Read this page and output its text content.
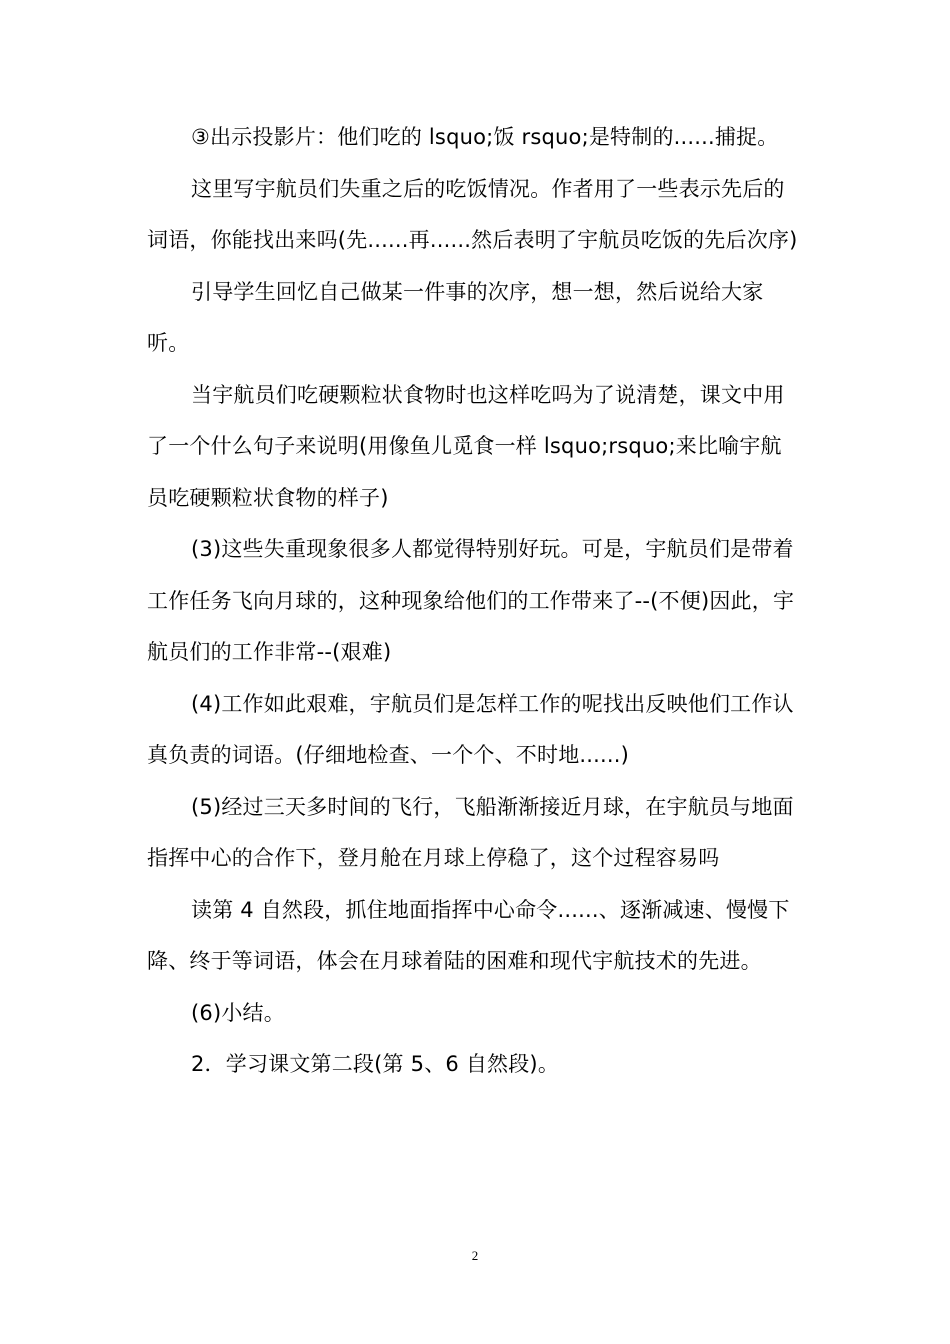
③出示投影片：他们吃的 lsquo;饭 rsquo;是特制的......捕捉。

这里写宇航员们失重之后的吃饭情况。作者用了一些表示先后的词语，你能找出来吗(先......再......然后表明了宇航员吃饭的先后次序)

引导学生回忆自己做某一件事的次序，想一想，然后说给大家听。

当宇航员们吃硬颗粒状食物时也这样吃吗为了说清楚，课文中用了一个什么句子来说明(用像鱼儿觅食一样 lsquo;rsquo;来比喻宇航员吃硬颗粒状食物的样子)

(3)这些失重现象很多人都觉得特别好玩。可是，宇航员们是带着工作任务飞向月球的，这种现象给他们的工作带来了--(不便)因此，宇航员们的工作非常--(艰难)

(4)工作如此艰难，宇航员们是怎样工作的呢找出反映他们工作认真负责的词语。(仔细地检查、一个个、不时地......)

(5)经过三天多时间的飞行，飞船渐渐接近月球，在宇航员与地面指挥中心的合作下，登月舱在月球上停稳了，这个过程容易吗

读第 4 自然段，抓住地面指挥中心命令......、逐渐减速、慢慢下降、终于等词语，体会在月球着陆的困难和现代宇航技术的先进。

(6)小结。

2．学习课文第二段(第 5、6 自然段)。

2
